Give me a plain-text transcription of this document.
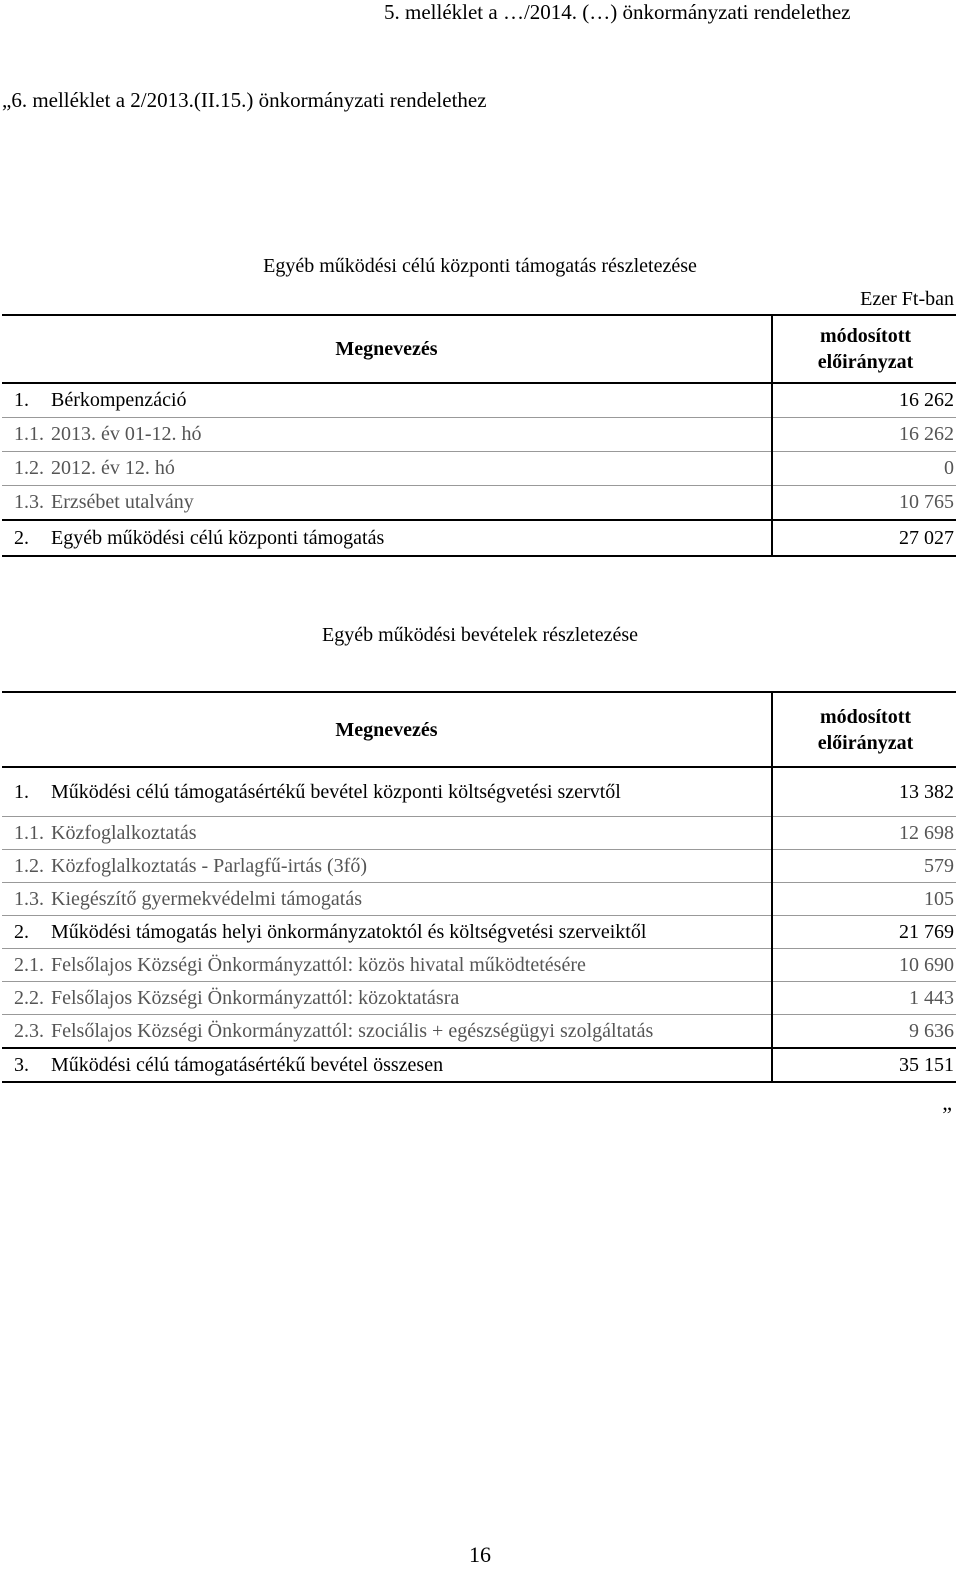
5. melléklet a …/2014. (…) önkormányzati rendelethez
„6. melléklet a 2/2013.(II.15.) önkormányzati rendelethez
Egyéb működési célú központi támogatás részletezése
Ezer Ft-ban
Megnevezés		módosított
előirányzat
1.	Bérkompenzáció	16 262
1.1.	2013. év 01-12. hó	16 262
1.2.	2012. év 12. hó	0
1.3.	Erzsébet utalvány	10 765
2.	Egyéb működési célú központi támogatás	27 027
Egyéb működési bevételek részletezése
Megnevezés		módosított
előirányzat
1.	Működési célú támogatásértékű bevétel központi költségvetési szervtől	13 382
1.1.	Közfoglalkoztatás	12 698
1.2.	Közfoglalkoztatás - Parlagfű-irtás (3fő)	579
1.3.	Kiegészítő gyermekvédelmi támogatás	105
2.	Működési támogatás helyi önkormányzatoktól és költségvetési szerveiktől	21 769
2.1.	Felsőlajos Községi Önkormányzattól: közös hivatal működtetésére	10 690
2.2.	Felsőlajos Községi Önkormányzattól: közoktatásra	1 443
2.3.	Felsőlajos Községi Önkormányzattól: szociális + egészségügyi szolgáltatás	9 636
3.	Működési célú támogatásértékű bevétel összesen	35 151
”
16
